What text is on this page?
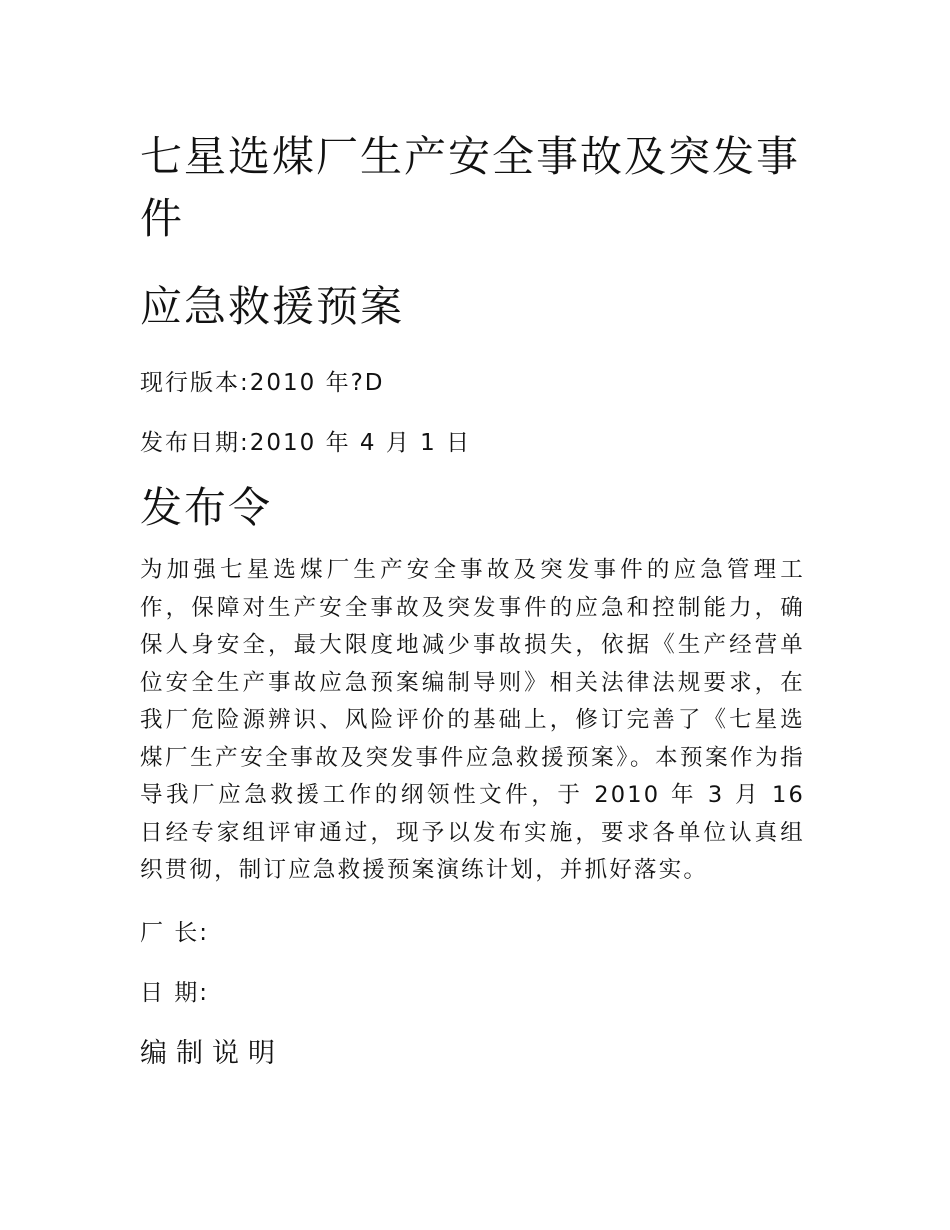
七星选煤厂生产安全事故及突发事件
应急救援预案

现行版本:2010 年?D

发布日期:2010 年 4 月 1 日

发布令

为加强七星选煤厂生产安全事故及突发事件的应急管理工作，保障对生产安全事故及突发事件的应急和控制能力，确保人身安全，最大限度地减少事故损失，依据《生产经营单位安全生产事故应急预案编制导则》相关法律法规要求，在我厂危险源辨识、风险评价的基础上，修订完善了《七星选煤厂生产安全事故及突发事件应急救援预案》。本预案作为指导我厂应急救援工作的纲领性文件，于 2010 年 3 月 16 日经专家组评审通过，现予以发布实施，要求各单位认真组织贯彻，制订应急救援预案演练计划，并抓好落实。

厂 长:

日 期:

编制说明
